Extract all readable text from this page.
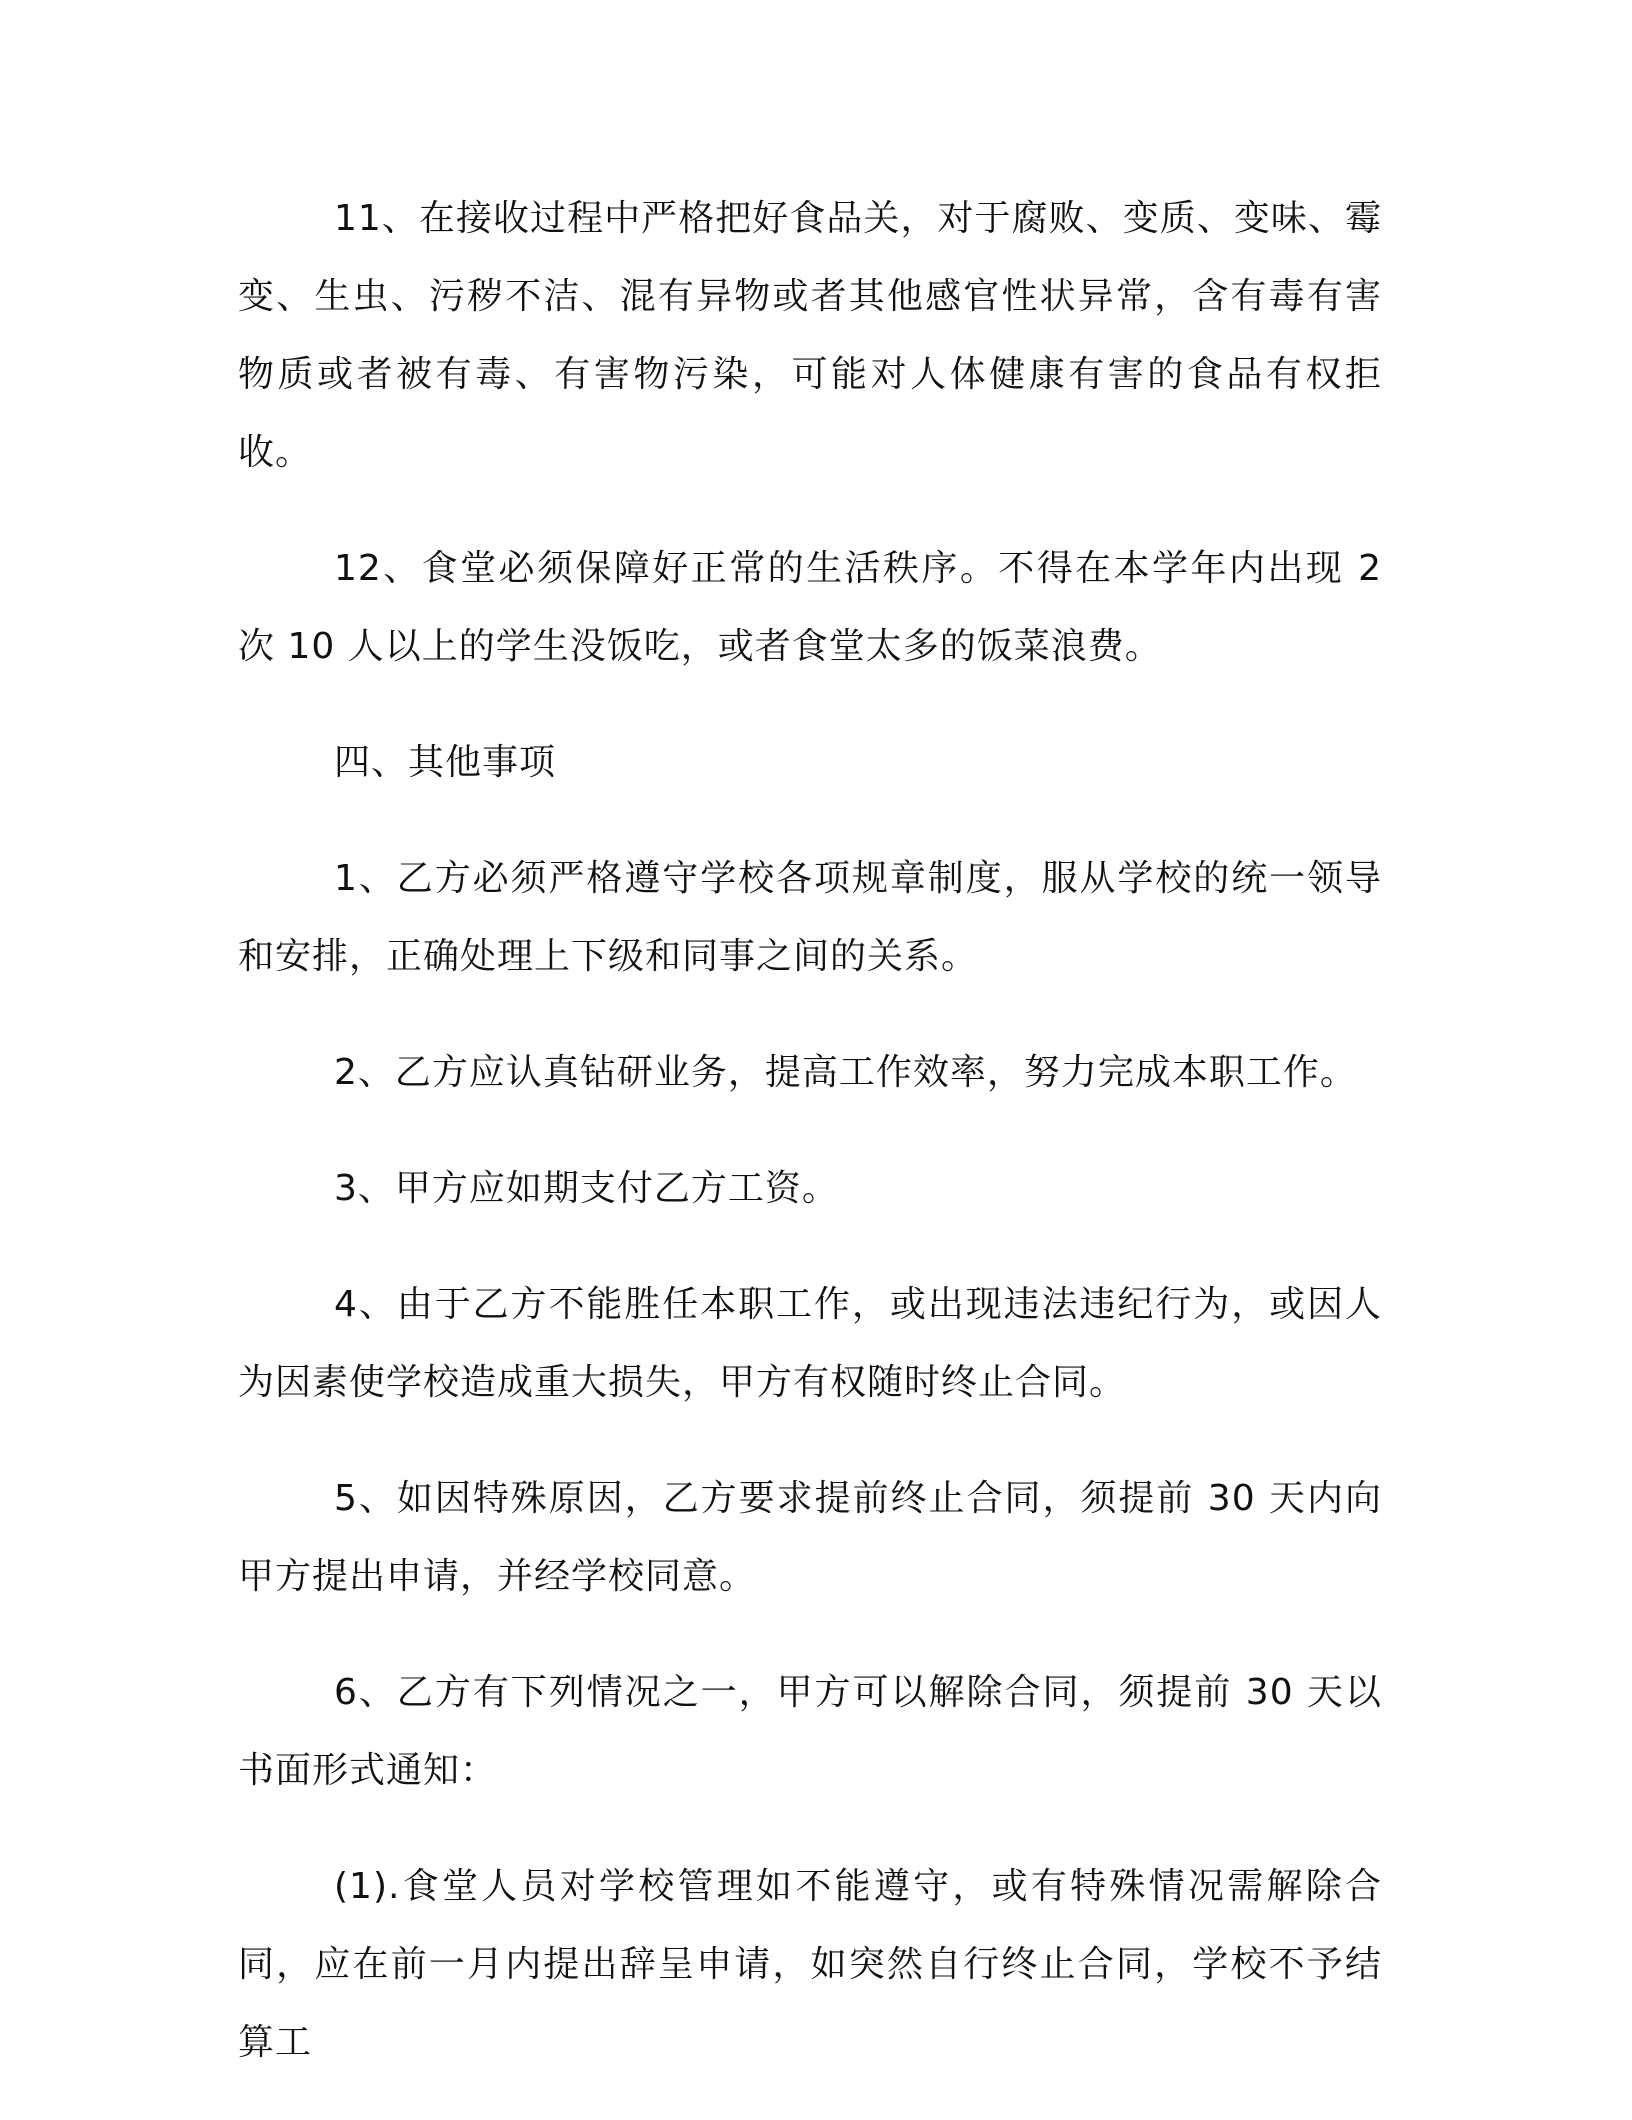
11、在接收过程中严格把好食品关，对于腐败、变质、变味、霉变、生虫、污秽不洁、混有异物或者其他感官性状异常，含有毒有害物质或者被有毒、有害物污染，可能对人体健康有害的食品有权拒收。

12、食堂必须保障好正常的生活秩序。不得在本学年内出现 2 次 10 人以上的学生没饭吃，或者食堂太多的饭菜浪费。

四、其他事项

1、乙方必须严格遵守学校各项规章制度，服从学校的统一领导和安排，正确处理上下级和同事之间的关系。

2、乙方应认真钻研业务，提高工作效率，努力完成本职工作。

3、甲方应如期支付乙方工资。

4、由于乙方不能胜任本职工作，或出现违法违纪行为，或因人为因素使学校造成重大损失，甲方有权随时终止合同。

5、如因特殊原因，乙方要求提前终止合同，须提前 30 天内向甲方提出申请，并经学校同意。

6、乙方有下列情况之一，甲方可以解除合同，须提前 30 天以书面形式通知：

(1).食堂人员对学校管理如不能遵守，或有特殊情况需解除合同，应在前一月内提出辞呈申请，如突然自行终止合同，学校不予结算工
